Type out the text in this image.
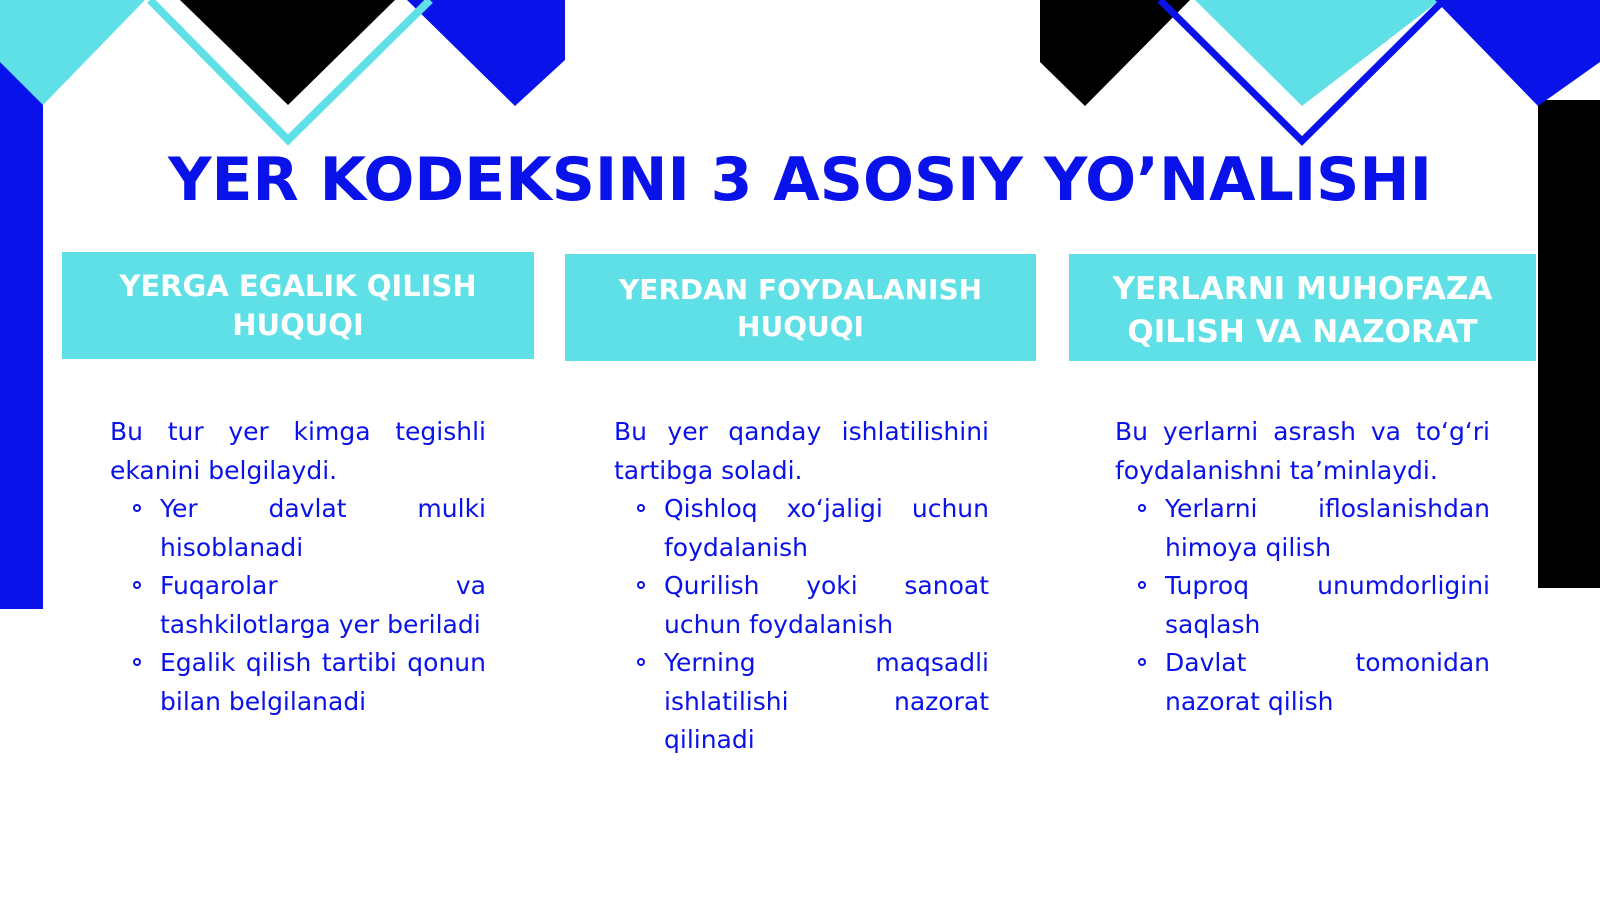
YER KODEKSINI 3 ASOSIY YO’NALISHI
YERGA EGALIK QILISH HUQUQI
YERDAN FOYDALANISH HUQUQI
YERLARNI MUHOFAZA QILISH VA NAZORAT

Bu tur yer kimga tegishli ekanini belgilaydi.

Yer davlat mulki hisoblanadi
Fuqarolar va tashkilotlarga yer beriladi
Egalik qilish tartibi qonun bilan belgilanadi

Bu yer qanday ishlatilishini tartibga soladi.

Qishloq xo‘jaligi uchun foydalanish
Qurilish yoki sanoat uchun foydalanish
Yerning maqsadli ishlatilishi nazorat qilinadi

Bu yerlarni asrash va to‘g‘ri foydalanishni ta’minlaydi.

Yerlarni ifloslanishdan himoya qilish
Tuproq unumdorligini saqlash
Davlat tomonidan nazorat qilish
